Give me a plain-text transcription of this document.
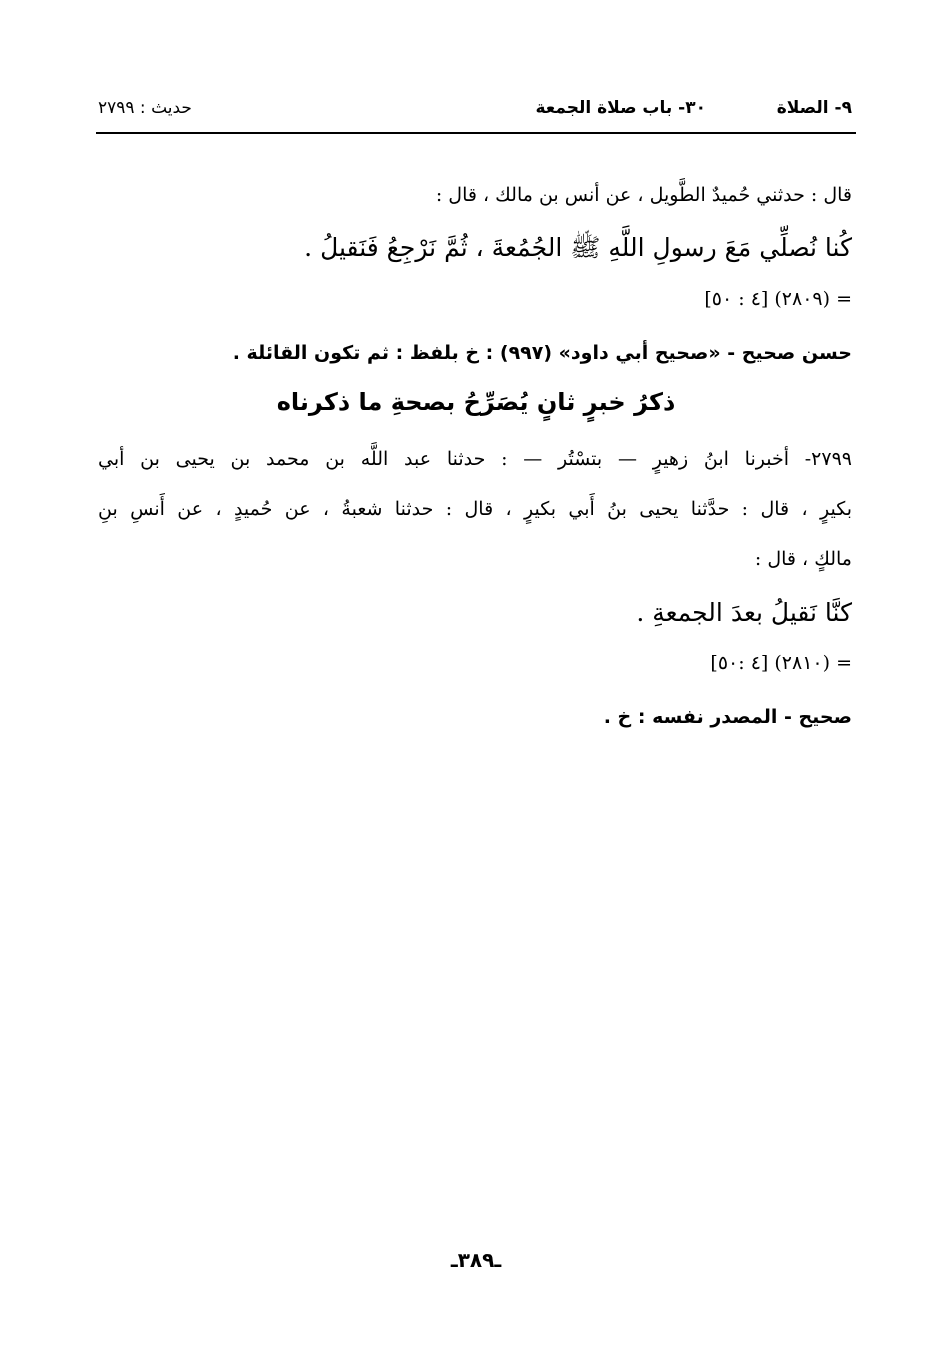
٩- الصلاة
٣٠- باب صلاة الجمعة
حديث : ٢٧٩٩
قال : حدثني حُميدٌ الطَّويل ، عن أنس بن مالك ، قال :
كُنا نُصلِّي مَعَ رسولِ اللَّهِ ﷺ الجُمُعةَ ، ثُمَّ نَرْجِعُ فَنَقيلُ .
= (٢٨٠٩) [٤ : ٥٠]
حسن صحيح - «صحيح أبي داود» (٩٩٧) : خ بلفظ : ثم تكون القائلة .
ذكرُ خبرٍ ثانٍ يُصَرِّحُ بصحةِ ما ذكرناه
٢٧٩٩- أخبرنا ابنُ زهيرٍ — بتسْتُر — : حدثنا عبد اللَّه بن محمد بن يحيى بن أبي
بكيرٍ ، قال : حدَّثنا يحيى بنُ أَبي بكيرٍ ، قال : حدثنا شعبةُ ، عن حُميدٍ ، عن أَنسِ بنِ
مالكٍ ، قال :
كنَّا نَقيلُ بعدَ الجمعةِ .
= (٢٨١٠) [٤ :٥٠]
صحيح - المصدر نفسه : خ .
ـ٣٨٩ـ
